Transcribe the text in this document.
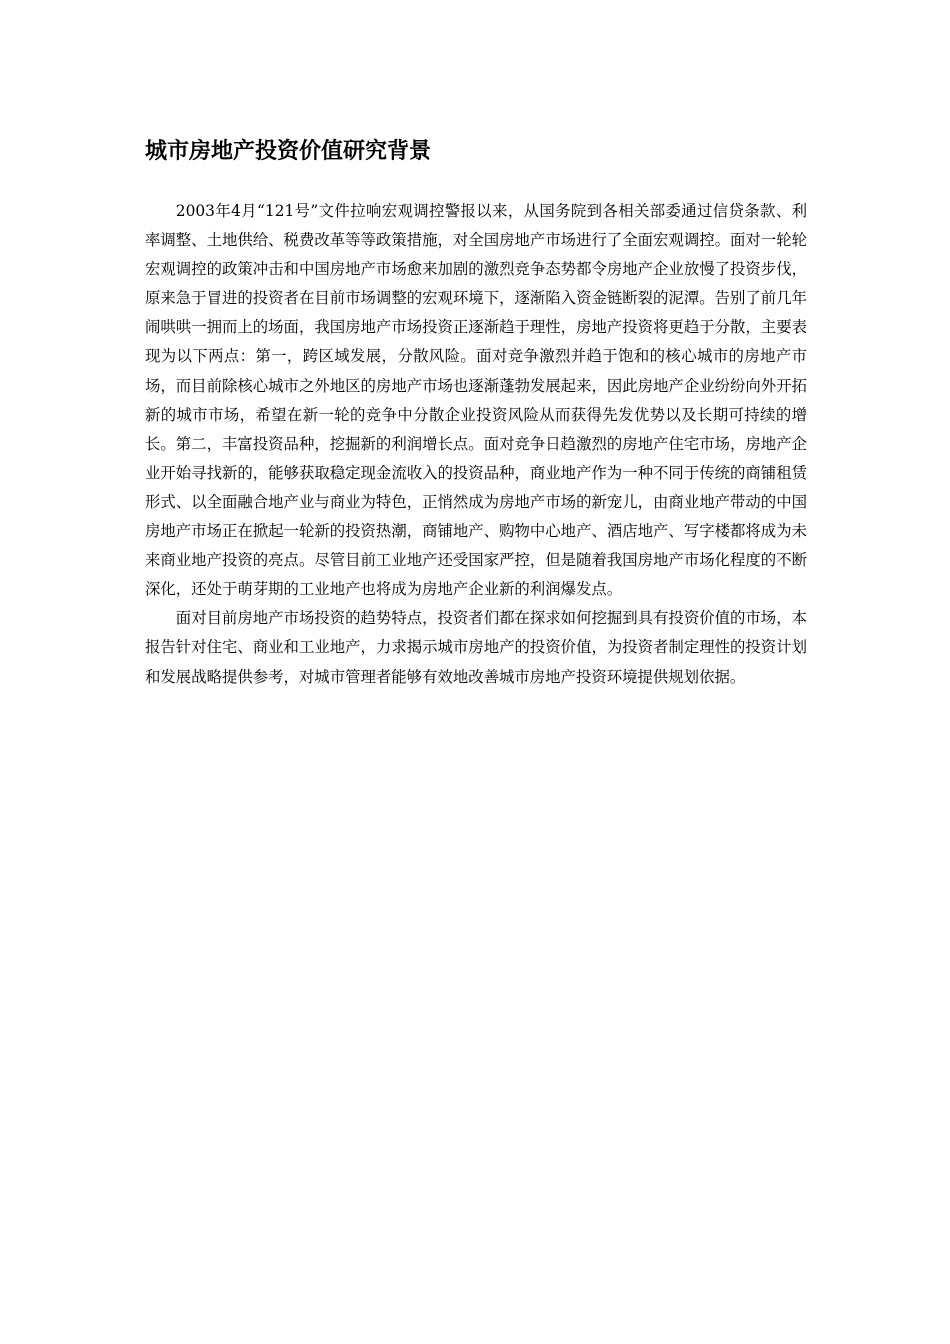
城市房地产投资价值研究背景

2003年4月“121号”文件拉响宏观调控警报以来，从国务院到各相关部委通过信贷条款、利率调整、土地供给、税费改革等等政策措施，对全国房地产市场进行了全面宏观调控。面对一轮轮宏观调控的政策冲击和中国房地产市场愈来加剧的激烈竞争态势都令房地产企业放慢了投资步伐，原来急于冒进的投资者在目前市场调整的宏观环境下，逐渐陷入资金链断裂的泥潭。告别了前几年闹哄哄一拥而上的场面，我国房地产市场投资正逐渐趋于理性，房地产投资将更趋于分散，主要表现为以下两点：第一，跨区域发展，分散风险。面对竞争激烈并趋于饱和的核心城市的房地产市场，而目前除核心城市之外地区的房地产市场也逐渐蓬勃发展起来，因此房地产企业纷纷向外开拓新的城市市场，希望在新一轮的竞争中分散企业投资风险从而获得先发优势以及长期可持续的增长。第二，丰富投资品种，挖掘新的利润增长点。面对竞争日趋激烈的房地产住宅市场，房地产企业开始寻找新的，能够获取稳定现金流收入的投资品种，商业地产作为一种不同于传统的商铺租赁形式、以全面融合地产业与商业为特色，正悄然成为房地产市场的新宠儿，由商业地产带动的中国房地产市场正在掀起一轮新的投资热潮，商铺地产、购物中心地产、酒店地产、写字楼都将成为未来商业地产投资的亮点。尽管目前工业地产还受国家严控，但是随着我国房地产市场化程度的不断深化，还处于萌芽期的工业地产也将成为房地产企业新的利润爆发点。

面对目前房地产市场投资的趋势特点，投资者们都在探求如何挖掘到具有投资价值的市场，本报告针对住宅、商业和工业地产，力求揭示城市房地产的投资价值，为投资者制定理性的投资计划和发展战略提供参考，对城市管理者能够有效地改善城市房地产投资环境提供规划依据。
